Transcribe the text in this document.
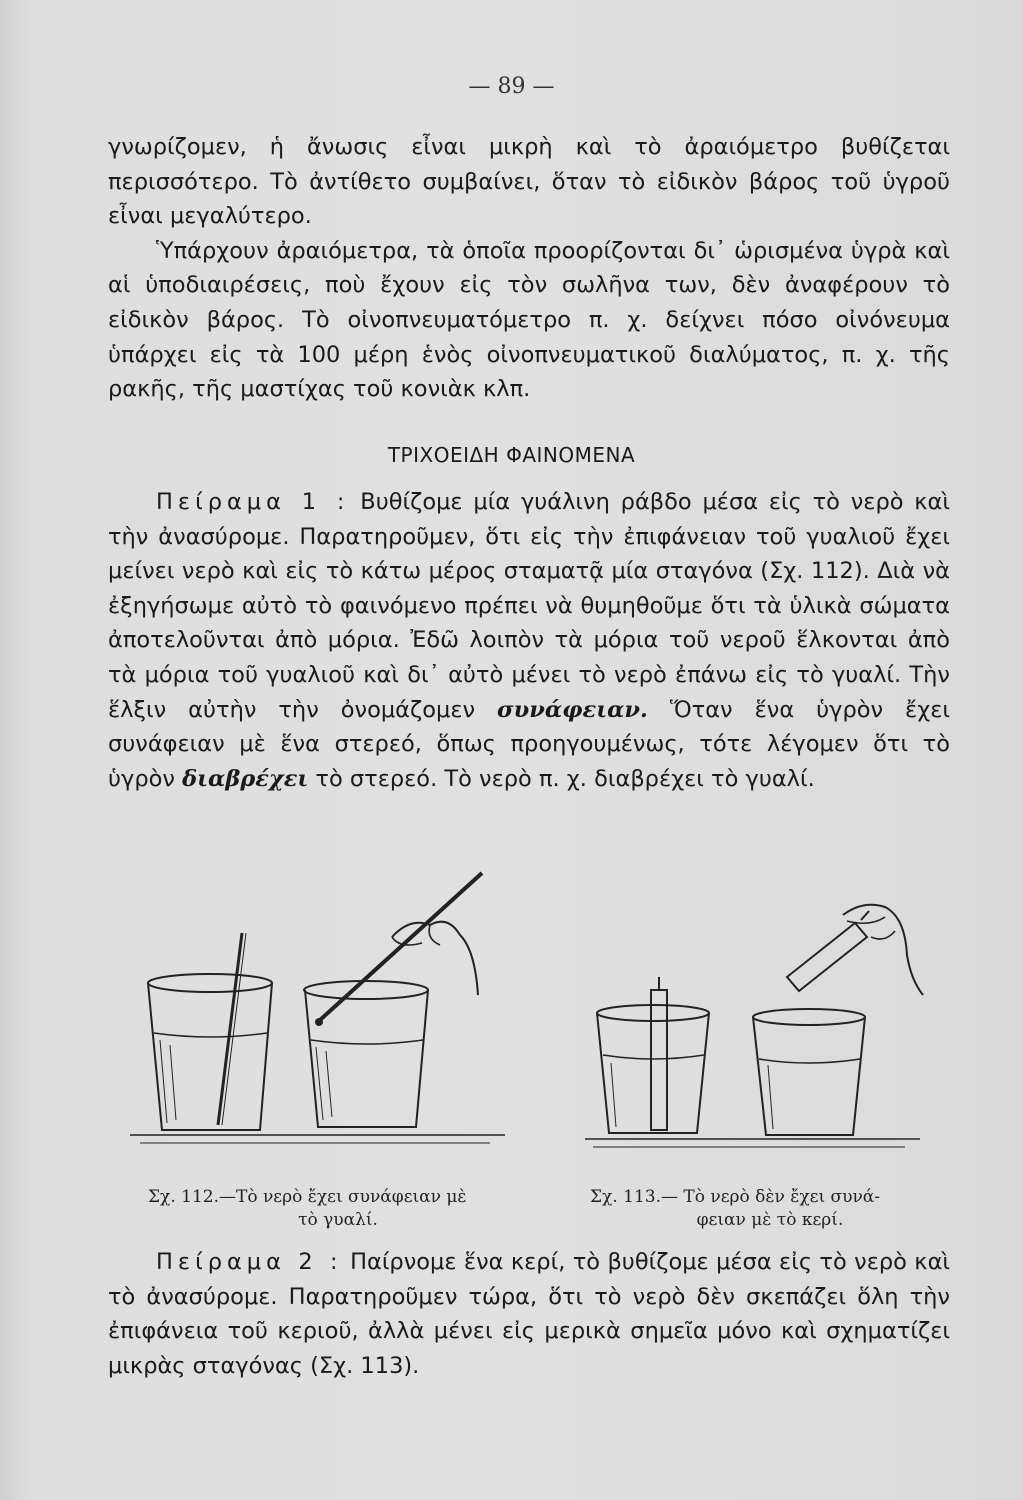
— 89 —

γνωρίζομεν, ἡ ἄνωσις εἶναι μικρὴ καὶ τὸ ἀραιόμετρο βυθίζεται περισσότερο. Τὸ ἀντίθετο συμβαίνει, ὅταν τὸ εἰδικὸν βάρος τοῦ ὑγροῦ εἶναι μεγαλύτερο.

Ὑπάρχουν ἀραιόμετρα, τὰ ὁποῖα προορίζονται δι᾽ ὡρισμένα ὑγρὰ καὶ αἱ ὑποδιαιρέσεις, ποὺ ἔχουν εἰς τὸν σωλῆνα των, δὲν ἀναφέρουν τὸ εἰδικὸν βάρος. Τὸ οἰνοπνευματόμετρο π. χ. δείχνει πόσο οἰνόνευμα ὑπάρχει εἰς τὰ 100 μέρη ἑνὸς οἰνοπνευματικοῦ διαλύματος, π. χ. τῆς ρακῆς, τῆς μαστίχας τοῦ κονιὰκ κλπ.

ΤΡΙΧΟΕΙΔΗ ΦΑΙΝΟΜΕΝΑ

Πείραμα 1 : Βυθίζομε μία γυάλινη ράβδο μέσα εἰς τὸ νερὸ καὶ τὴν ἀνασύρομε. Παρατηροῦμεν, ὅτι εἰς τὴν ἐπιφάνειαν τοῦ γυαλιοῦ ἔχει μείνει νερὸ καὶ εἰς τὸ κάτω μέρος σταματᾷ μία σταγόνα (Σχ. 112). Διὰ νὰ ἐξηγήσωμε αὐτὸ τὸ φαινόμενο πρέπει νὰ θυμηθοῦμε ὅτι τὰ ὑλικὰ σώματα ἀποτελοῦνται ἀπὸ μόρια. Ἐδῶ λοιπὸν τὰ μόρια τοῦ νεροῦ ἕλκονται ἀπὸ τὰ μόρια τοῦ γυαλιοῦ καὶ δι᾽ αὐτὸ μένει τὸ νερὸ ἐπάνω εἰς τὸ γυαλί. Τὴν ἕλξιν αὐτὴν τὴν ὀνομάζομεν συνάφειαν. Ὅταν ἕνα ὑγρὸν ἔχει συνάφειαν μὲ ἕνα στερεό, ὅπως προηγουμένως, τότε λέγομεν ὅτι τὸ ὑγρὸν διαβρέχει τὸ στερεό. Τὸ νερὸ π. χ. διαβρέχει τὸ γυαλί.

Σχ. 112.—Τὸ νερὸ ἔχει συνάφειαν μὲ
τὸ γυαλί.
Σχ. 113.— Τὸ νερὸ δὲν ἔχει συνά-
φειαν μὲ τὸ κερί.

Πείραμα 2 : Παίρνομε ἕνα κερί, τὸ βυθίζομε μέσα εἰς τὸ νερὸ καὶ τὸ ἀνασύρομε. Παρατηροῦμεν τώρα, ὅτι τὸ νερὸ δὲν σκεπάζει ὅλη τὴν ἐπιφάνεια τοῦ κεριοῦ, ἀλλὰ μένει εἰς μερικὰ σημεῖα μόνο καὶ σχηματίζει μικρὰς σταγόνας (Σχ. 113).
